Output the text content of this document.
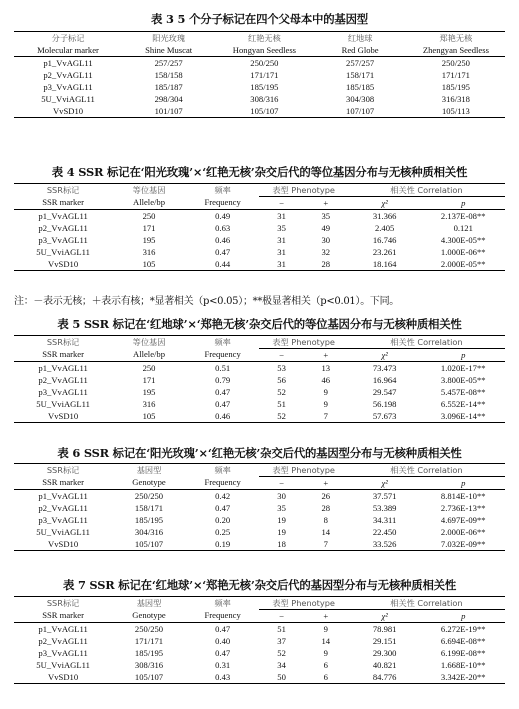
表 3 5 个分子标记在四个父母本中的基因型
分子标记	阳光玫瑰	红艳无核	红地球	郑艳无核
Molecular marker	Shine Muscat	Hongyan Seedless	Red Globe	Zhengyan Seedless
p1_VvAGL11	257/257	250/250	257/257	250/250
p2_VvAGL11	158/158	171/171	158/171	171/171
p3_VvAGL11	185/187	185/195	185/185	185/195
5U_VviAGL11	298/304	308/316	304/308	316/318
VvSD10	101/107	105/107	107/107	105/113
表 4 SSR 标记在‘阳光玫瑰’×‘红艳无核’杂交后代的等位基因分布与无核种质相关性
SSR标记	等位基因	频率	表型 Phenotype		相关性 Correlation	
SSR marker	Allele/bp	Frequency	−	+	χ²	p
p1_VvAGL11	250	0.49	31	35	31.366	2.137E-08**
p2_VvAGL11	171	0.63	35	49	2.405	0.121
p3_VvAGL11	195	0.46	31	30	16.746	4.300E-05**
5U_VviAGL11	316	0.47	31	32	23.261	1.000E-06**
VvSD10	105	0.44	31	28	18.164	2.000E-05**
注：－表示无核；＋表示有核；*显著相关（p<0.05）；**极显著相关（p<0.01）。下同。
表 5 SSR 标记在‘红地球’×‘郑艳无核’杂交后代的等位基因分布与无核种质相关性
SSR标记	等位基因	频率	表型 Phenotype		相关性 Correlation	
SSR marker	Allele/bp	Frequency	−	+	χ²	p
p1_VvAGL11	250	0.51	53	13	73.473	1.020E-17**
p2_VvAGL11	171	0.79	56	46	16.964	3.800E-05**
p3_VvAGL11	195	0.47	52	9	29.547	5.457E-08**
5U_VviAGL11	316	0.47	51	9	56.198	6.552E-14**
VvSD10	105	0.46	52	7	57.673	3.096E-14**
表 6 SSR 标记在‘阳光玫瑰’×‘红艳无核’杂交后代的基因型分布与无核种质相关性
SSR标记	基因型	频率	表型 Phenotype		相关性 Correlation	
SSR marker	Genotype	Frequency	−	+	χ²	p
p1_VvAGL11	250/250	0.42	30	26	37.571	8.814E-10**
p2_VvAGL11	158/171	0.47	35	28	53.389	2.736E-13**
p3_VvAGL11	185/195	0.20	19	8	34.311	4.697E-09**
5U_VviAGL11	304/316	0.25	19	14	22.450	2.000E-06**
VvSD10	105/107	0.19	18	7	33.526	7.032E-09**
表 7 SSR 标记在‘红地球’×‘郑艳无核’杂交后代的基因型分布与无核种质相关性
SSR标记	基因型	频率	表型 Phenotype		相关性 Correlation	
SSR marker	Genotype	Frequency	−	+	χ²	p
p1_VvAGL11	250/250	0.47	51	9	78.981	6.272E-19**
p2_VvAGL11	171/171	0.40	37	14	29.151	6.694E-08**
p3_VvAGL11	185/195	0.47	52	9	29.300	6.199E-08**
5U_VviAGL11	308/316	0.31	34	6	40.821	1.668E-10**
VvSD10	105/107	0.43	50	6	84.776	3.342E-20**
